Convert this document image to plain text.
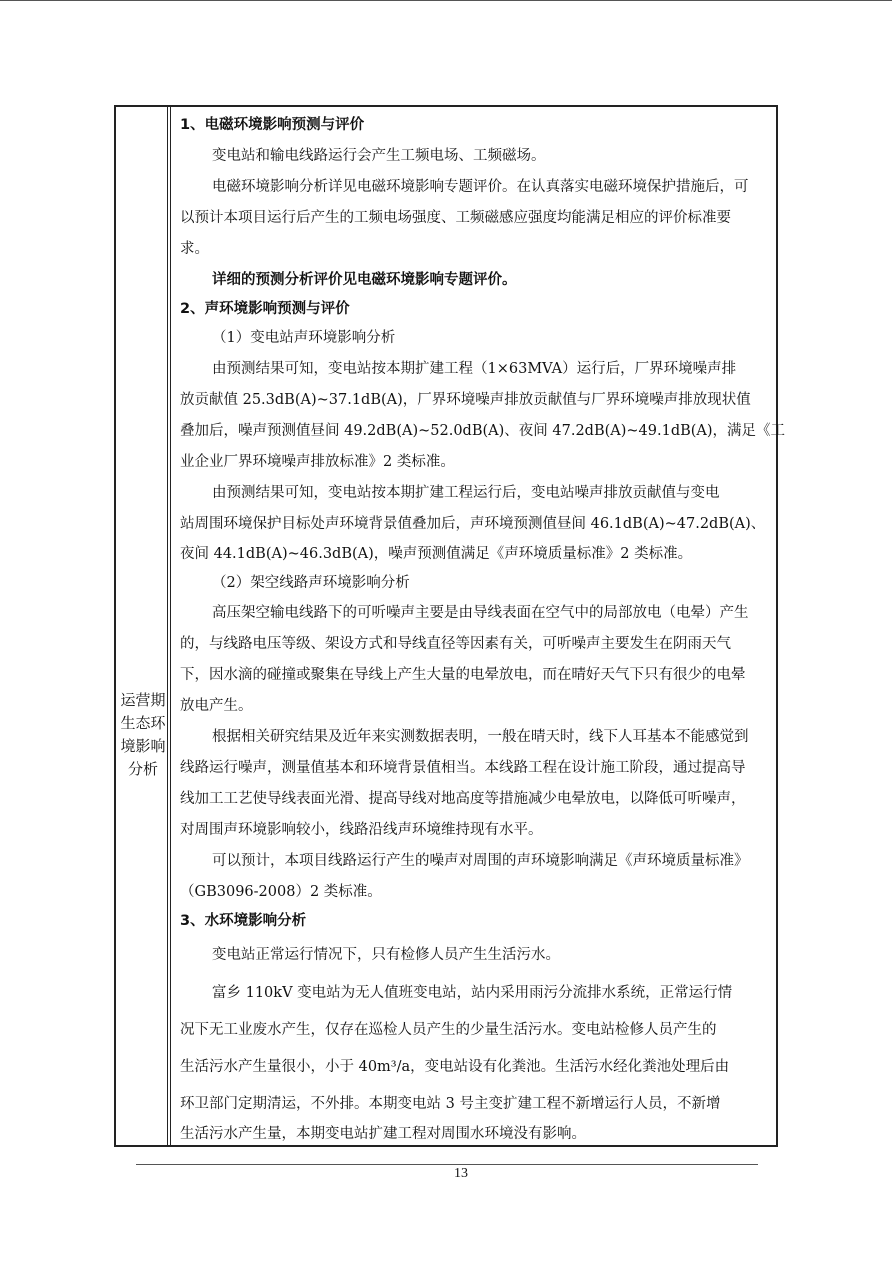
运营期
生态环
境影响
分析
1、电磁环境影响预测与评价
变电站和输电线路运行会产生工频电场、工频磁场。
电磁环境影响分析详见电磁环境影响专题评价。在认真落实电磁环境保护措施后，可
以预计本项目运行后产生的工频电场强度、工频磁感应强度均能满足相应的评价标准要
求。
详细的预测分析评价见电磁环境影响专题评价。
2、声环境影响预测与评价
（1）变电站声环境影响分析
由预测结果可知，变电站按本期扩建工程（1×63MVA）运行后，厂界环境噪声排
放贡献值 25.3dB(A)~37.1dB(A)，厂界环境噪声排放贡献值与厂界环境噪声排放现状值
叠加后，噪声预测值昼间 49.2dB(A)~52.0dB(A)、夜间 47.2dB(A)~49.1dB(A)，满足《工
业企业厂界环境噪声排放标准》2 类标准。
由预测结果可知，变电站按本期扩建工程运行后，变电站噪声排放贡献值与变电
站周围环境保护目标处声环境背景值叠加后，声环境预测值昼间 46.1dB(A)~47.2dB(A)、
夜间 44.1dB(A)~46.3dB(A)，噪声预测值满足《声环境质量标准》2 类标准。
（2）架空线路声环境影响分析
高压架空输电线路下的可听噪声主要是由导线表面在空气中的局部放电（电晕）产生
的，与线路电压等级、架设方式和导线直径等因素有关，可听噪声主要发生在阴雨天气
下，因水滴的碰撞或聚集在导线上产生大量的电晕放电，而在晴好天气下只有很少的电晕
放电产生。
根据相关研究结果及近年来实测数据表明，一般在晴天时，线下人耳基本不能感觉到
线路运行噪声，测量值基本和环境背景值相当。本线路工程在设计施工阶段，通过提高导
线加工工艺使导线表面光滑、提高导线对地高度等措施减少电晕放电，以降低可听噪声，
对周围声环境影响较小，线路沿线声环境维持现有水平。
可以预计，本项目线路运行产生的噪声对周围的声环境影响满足《声环境质量标准》
（GB3096-2008）2 类标准。
3、水环境影响分析
变电站正常运行情况下，只有检修人员产生生活污水。
富乡 110kV 变电站为无人值班变电站，站内采用雨污分流排水系统，正常运行情
况下无工业废水产生，仅存在巡检人员产生的少量生活污水。变电站检修人员产生的
生活污水产生量很小，小于 40m³/a，变电站设有化粪池。生活污水经化粪池处理后由
环卫部门定期清运，不外排。本期变电站 3 号主变扩建工程不新增运行人员，不新增
生活污水产生量，本期变电站扩建工程对周围水环境没有影响。
13
